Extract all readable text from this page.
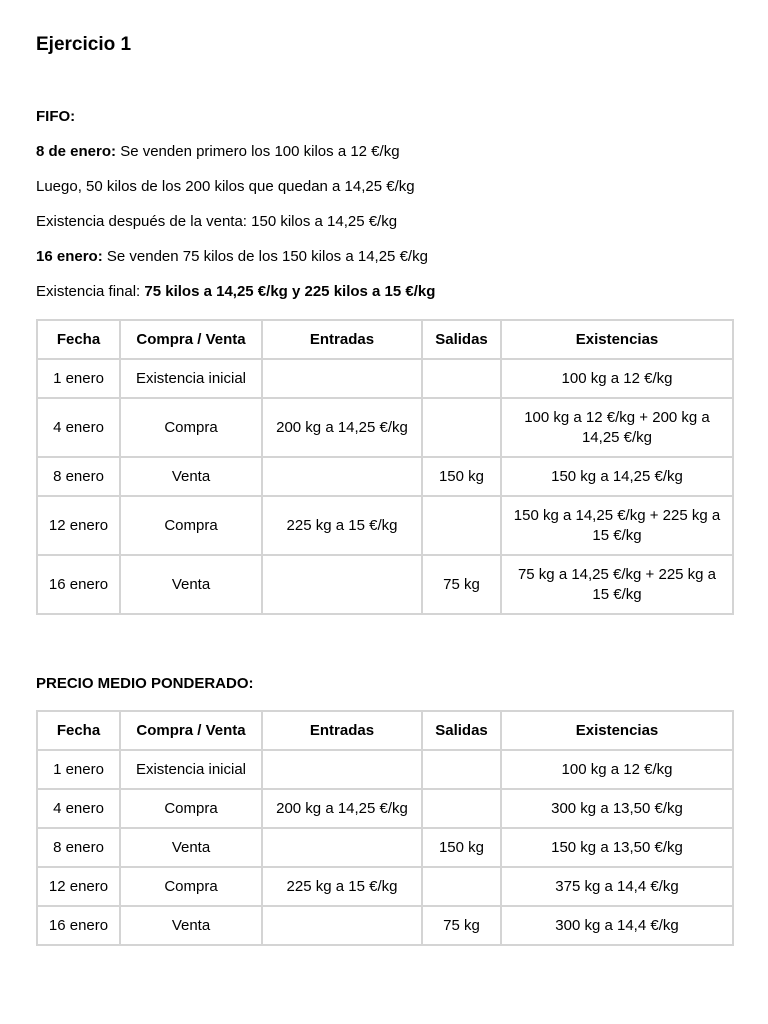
Ejercicio 1

FIFO:

8 de enero: Se venden primero los 100 kilos a 12 €/kg

Luego, 50 kilos de los 200 kilos que quedan a 14,25 €/kg

Existencia después de la venta: 150 kilos a 14,25 €/kg

16 enero: Se venden 75 kilos de los 150 kilos a 14,25 €/kg

Existencia final: 75 kilos a 14,25 €/kg y 225 kilos a 15 €/kg

Fecha	Compra / Venta	Entradas	Salidas	Existencias
1 enero	Existencia inicial			100 kg a 12 €/kg
4 enero	Compra	200 kg a 14,25 €/kg		100 kg a 12 €/kg + 200 kg a 14,25 €/kg
8 enero	Venta		150 kg	150 kg a 14,25 €/kg
12 enero	Compra	225 kg a 15 €/kg		150 kg a 14,25 €/kg + 225 kg a 15 €/kg
16 enero	Venta		75 kg	75 kg a 14,25 €/kg + 225 kg a 15 €/kg

PRECIO MEDIO PONDERADO:

Fecha	Compra / Venta	Entradas	Salidas	Existencias
1 enero	Existencia inicial			100 kg a 12 €/kg
4 enero	Compra	200 kg a 14,25 €/kg		300 kg a 13,50 €/kg
8 enero	Venta		150 kg	150 kg a 13,50 €/kg
12 enero	Compra	225 kg a 15 €/kg		375 kg a 14,4 €/kg
16 enero	Venta		75 kg	300 kg a 14,4 €/kg
